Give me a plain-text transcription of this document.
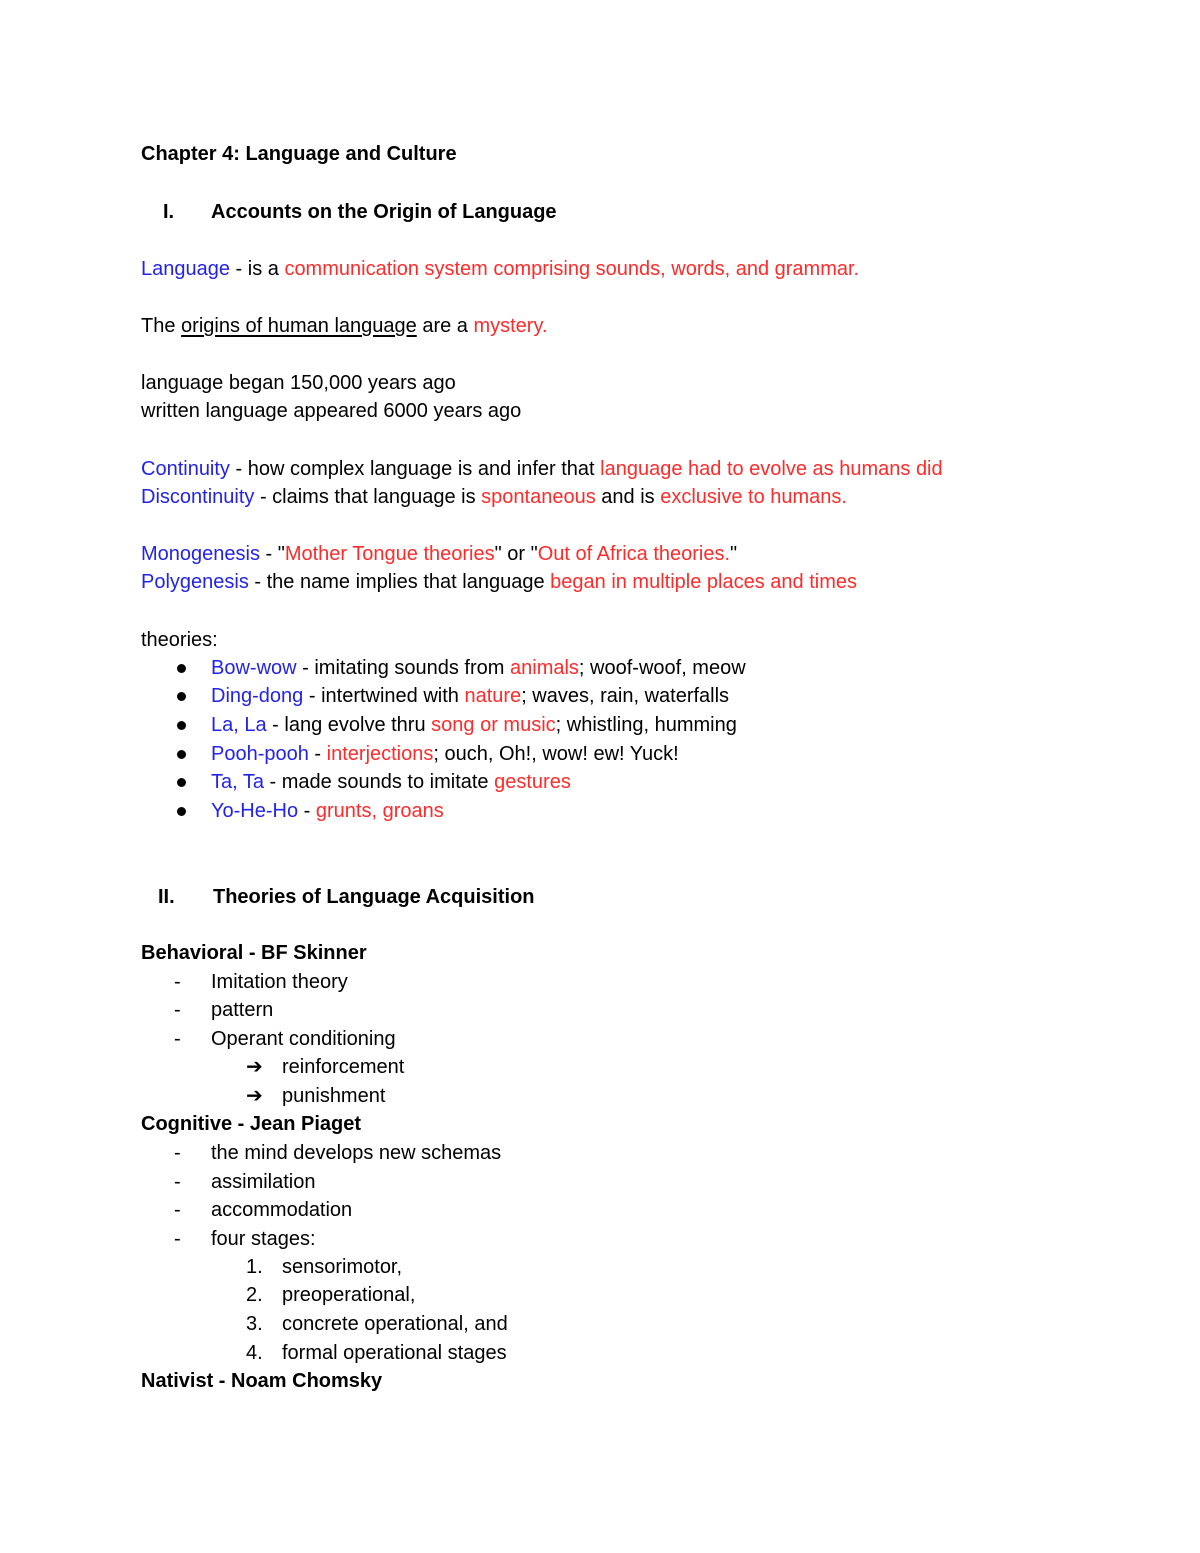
Chapter 4: Language and Culture
I. Accounts on the Origin of Language
Language - is a communication system comprising sounds, words, and grammar.
The origins of human language are a mystery.
language began 150,000 years ago
written language appeared 6000 years ago
Continuity - how complex language is and infer that language had to evolve as humans did
Discontinuity - claims that language is spontaneous and is exclusive to humans.
Monogenesis - "Mother Tongue theories" or "Out of Africa theories."
Polygenesis - the name implies that language began in multiple places and times
theories:
Bow-wow - imitating sounds from animals; woof-woof, meow
Ding-dong - intertwined with nature; waves, rain, waterfalls
La, La - lang evolve thru song or music; whistling, humming
Pooh-pooh - interjections; ouch, Oh!, wow! ew! Yuck!
Ta, Ta - made sounds to imitate gestures
Yo-He-Ho - grunts, groans
II. Theories of Language Acquisition
Behavioral - BF Skinner
- Imitation theory
- pattern
- Operant conditioning
➔ reinforcement
➔ punishment
Cognitive - Jean Piaget
- the mind develops new schemas
- assimilation
- accommodation
- four stages:
1. sensorimotor,
2. preoperational,
3. concrete operational, and
4. formal operational stages
Nativist - Noam Chomsky
